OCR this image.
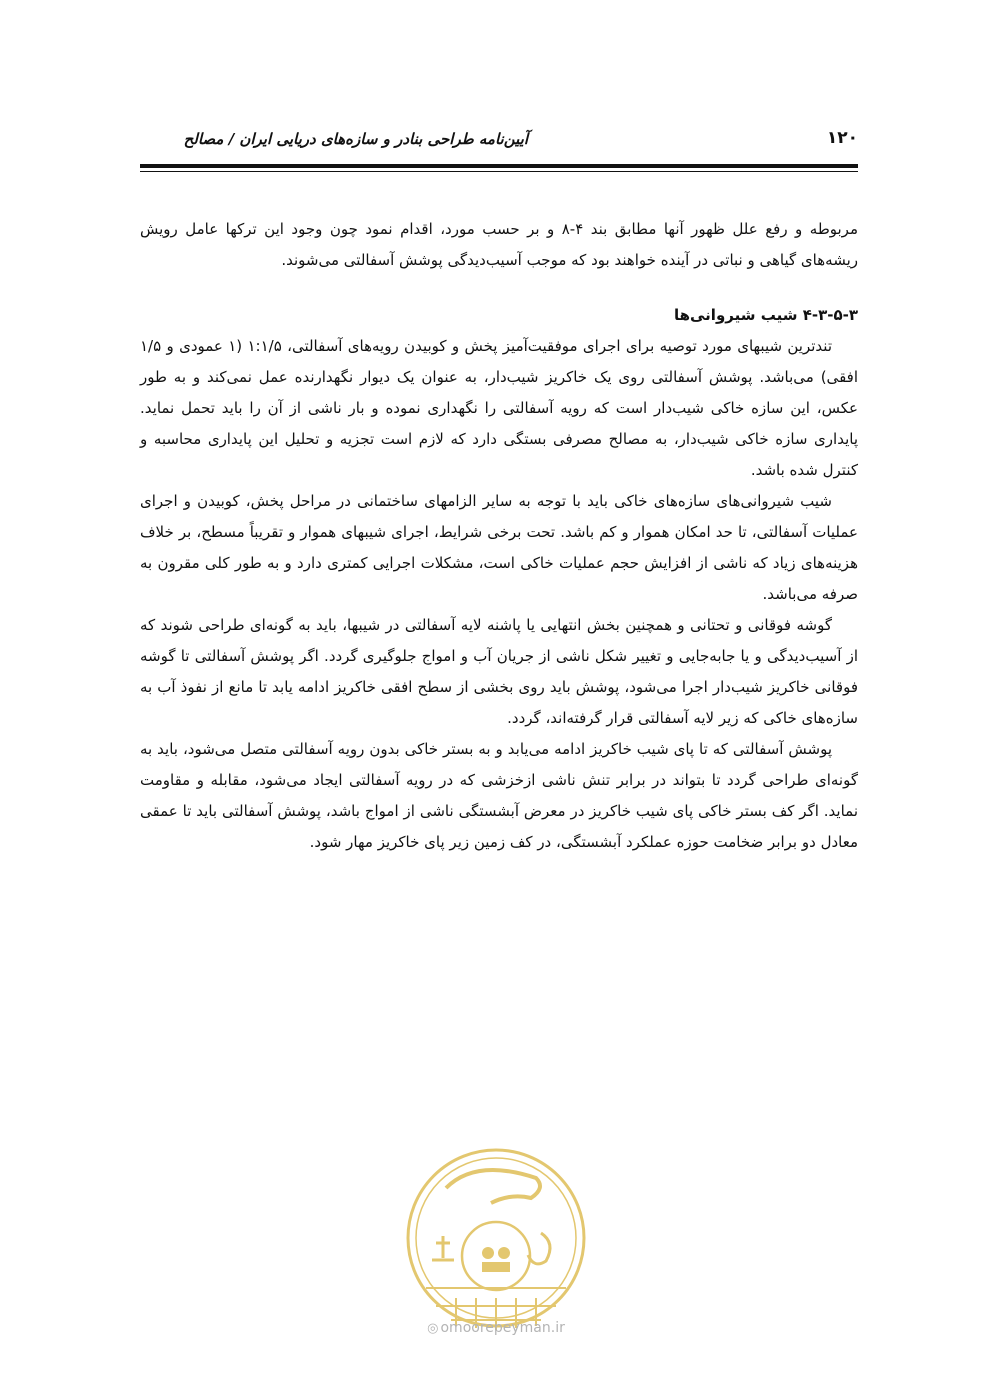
آیین‌نامه طراحی بنادر و سازه‌های دریایی ایران / مصالح	۱۲۰

مربوطه و رفع علل ظهور آنها مطابق بند ۴-۸ و بر حسب مورد، اقدام نمود چون وجود این ترکها عامل رویش ریشه‌های گیاهی و نباتی در آینده خواهند بود که موجب آسیب‌دیدگی پوشش آسفالتی می‌شوند.

۴-۳-۵-۳ شیب شیروانی‌ها

تندترین شیبهای مورد توصیه برای اجرای موفقیت‌آمیز پخش و کوبیدن رویه‌های آسفالتی، ۱:۱/۵ (۱ عمودی و ۱/۵ افقی) می‌باشد. پوشش آسفالتی روی یک خاکریز شیب‌دار، به عنوان یک دیوار نگهدارنده عمل نمی‌کند و به طور عکس، این سازه خاکی شیب‌دار است که رویه آسفالتی را نگهداری نموده و بار ناشی از آن را باید تحمل نماید. پایداری سازه خاکی شیب‌دار، به مصالح مصرفی بستگی دارد که لازم است تجزیه و تحلیل این پایداری محاسبه و کنترل شده باشد.

شیب شیروانی‌های سازه‌های خاکی باید با توجه به سایر الزامهای ساختمانی در مراحل پخش، کوبیدن و اجرای عملیات آسفالتی، تا حد امکان هموار و کم باشد. تحت برخی شرایط، اجرای شیبهای هموار و تقریباً مسطح، بر خلاف هزینه‌های زیاد که ناشی از افزایش حجم عملیات خاکی است، مشکلات اجرایی کمتری دارد و به طور کلی مقرون به صرفه می‌باشد.

گوشه فوقانی و تحتانی و همچنین بخش انتهایی یا پاشنه لایه آسفالتی در شیبها، باید به گونه‌ای طراحی شوند که از آسیب‌دیدگی و یا جابه‌جایی و تغییر شکل ناشی از جریان آب و امواج جلوگیری گردد. اگر پوشش آسفالتی تا گوشه فوقانی خاکریز شیب‌دار اجرا می‌شود، پوشش باید روی بخشی از سطح افقی خاکریز ادامه یابد تا مانع از نفوذ آب به سازه‌های خاکی که زیر لایه آسفالتی قرار گرفته‌اند، گردد.

پوشش آسفالتی که تا پای شیب خاکریز ادامه می‌یابد و به بستر خاکی بدون رویه آسفالتی متصل می‌شود، باید به گونه‌ای طراحی گردد تا بتواند در برابر تنش ناشی ازخزشی که در رویه آسفالتی ایجاد می‌شود، مقابله و مقاومت نماید. اگر کف بستر خاکی پای شیب خاکریز در معرض آبشستگی ناشی از امواج باشد، پوشش آسفالتی باید تا عمقی معادل دو برابر ضخامت حوزه عملکرد آبشستگی، در کف زمین زیر پای خاکریز مهار شود.

◎ omoorepeyman.ir
